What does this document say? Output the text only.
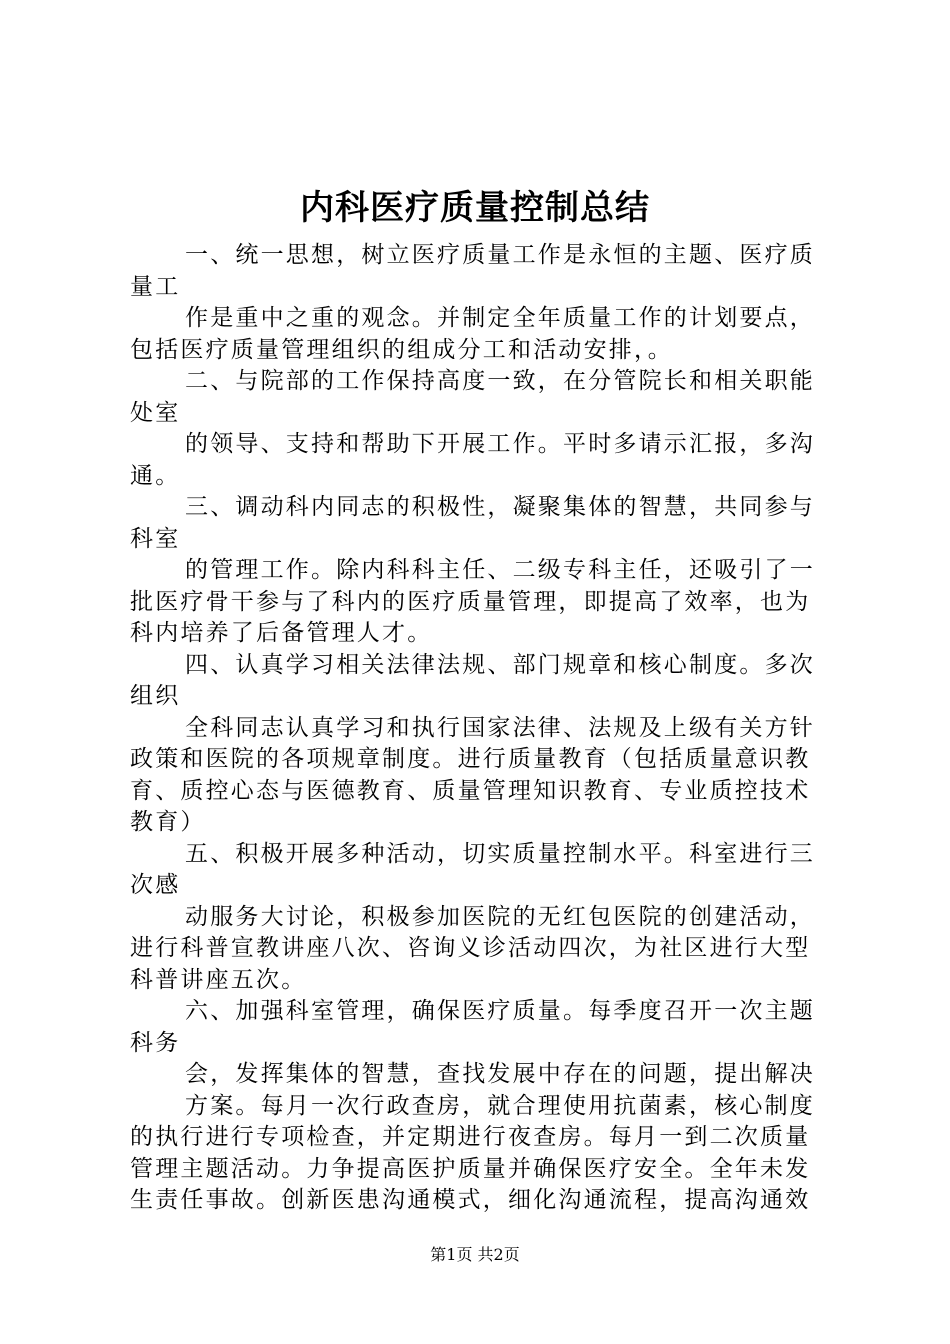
内科医疗质量控制总结
一、统一思想，树立医疗质量工作是永恒的主题、医疗质
量工
作是重中之重的观念。并制定全年质量工作的计划要点，
包括医疗质量管理组织的组成分工和活动安排，。
二、与院部的工作保持高度一致，在分管院长和相关职能
处室
的领导、支持和帮助下开展工作。平时多请示汇报，多沟
通。
三、调动科内同志的积极性，凝聚集体的智慧，共同参与
科室
的管理工作。除内科科主任、二级专科主任，还吸引了一
批医疗骨干参与了科内的医疗质量管理，即提高了效率，也为
科内培养了后备管理人才。
四、认真学习相关法律法规、部门规章和核心制度。多次
组织
全科同志认真学习和执行国家法律、法规及上级有关方针
政策和医院的各项规章制度。进行质量教育（包括质量意识教
育、质控心态与医德教育、质量管理知识教育、专业质控技术
教育）
五、积极开展多种活动，切实质量控制水平。科室进行三
次感
动服务大讨论，积极参加医院的无红包医院的创建活动，
进行科普宣教讲座八次、咨询义诊活动四次，为社区进行大型
科普讲座五次。
六、加强科室管理，确保医疗质量。每季度召开一次主题
科务
会，发挥集体的智慧，查找发展中存在的问题，提出解决
方案。每月一次行政查房，就合理使用抗菌素，核心制度
的执行进行专项检查，并定期进行夜查房。每月一到二次质量
管理主题活动。力争提高医护质量并确保医疗安全。全年未发
生责任事故。创新医患沟通模式，细化沟通流程，提高沟通效
第1页 共2页
